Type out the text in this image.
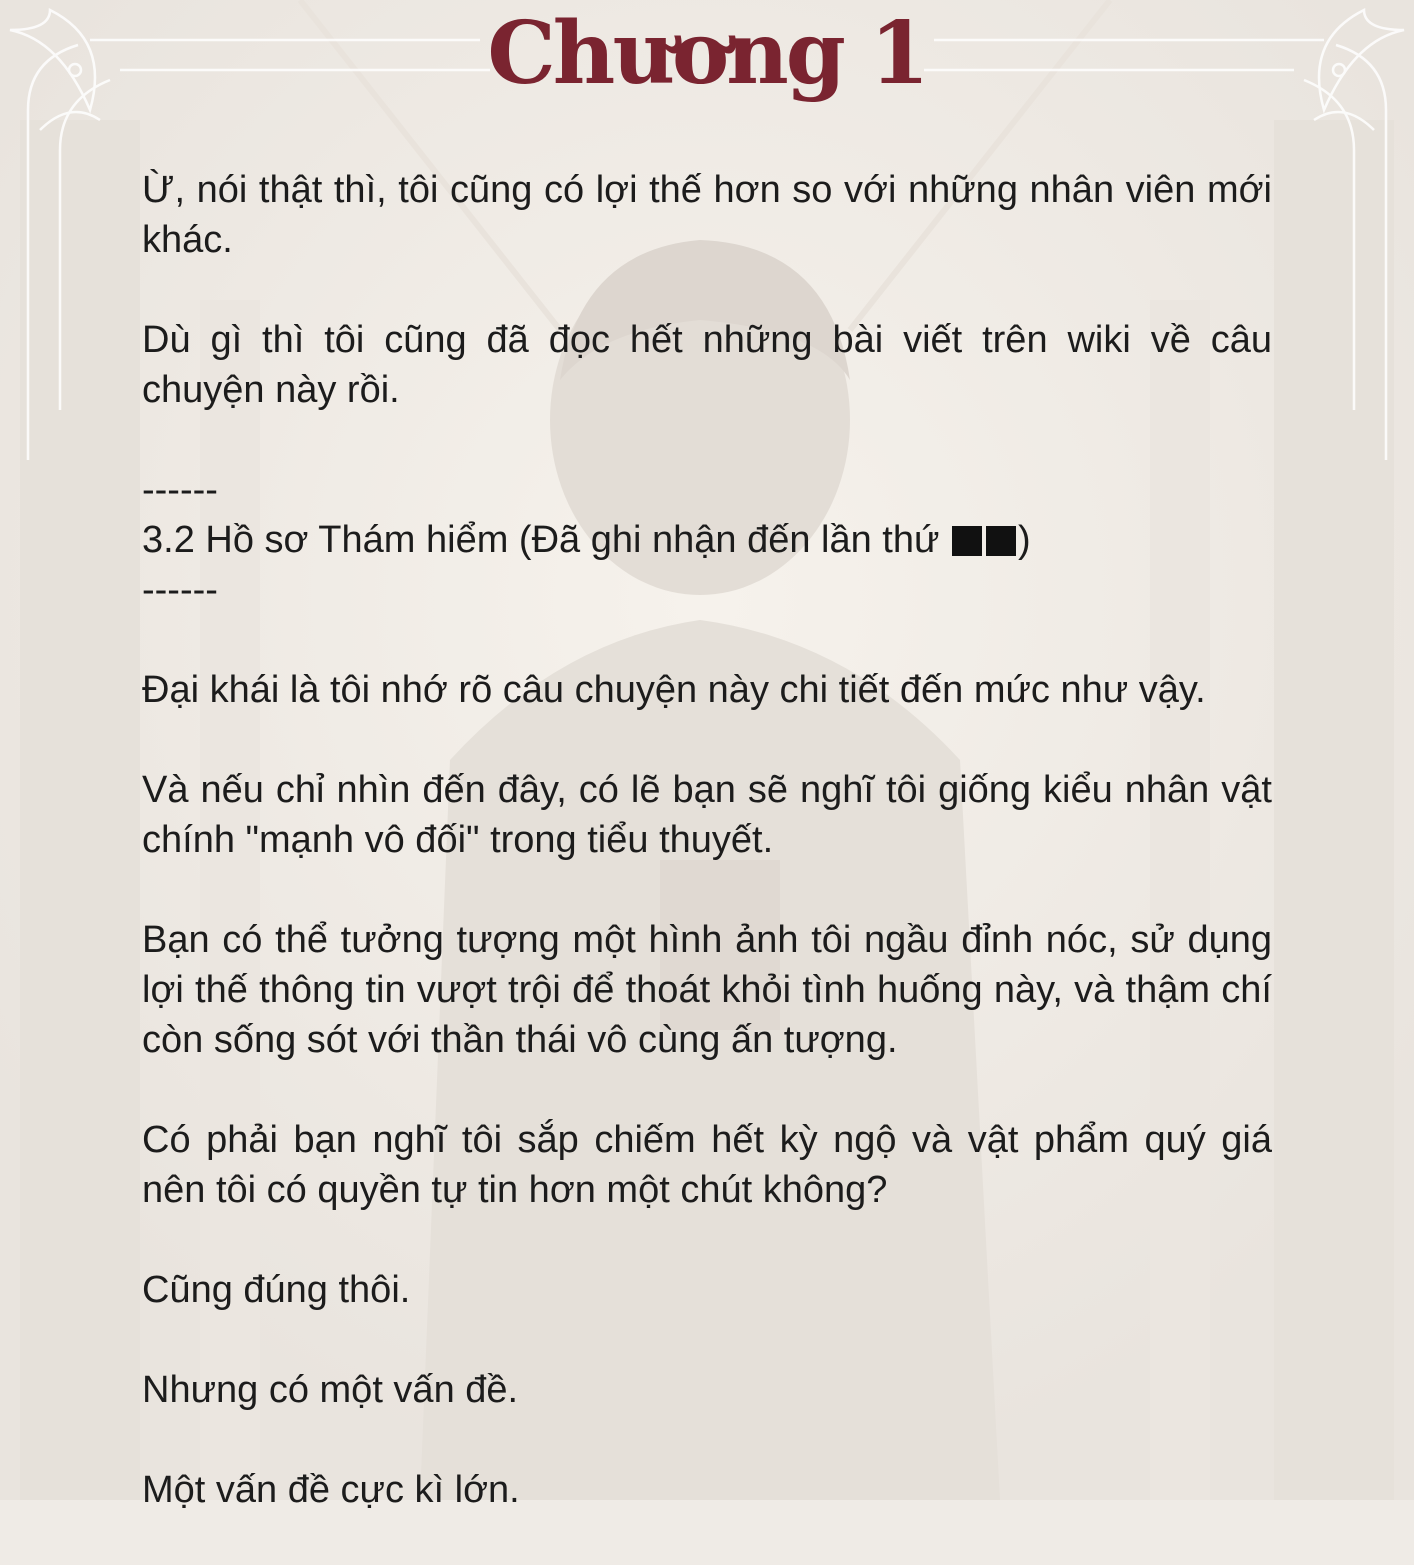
Chương 1

Ừ, nói thật thì, tôi cũng có lợi thế hơn so với những nhân viên mới khác.

Dù gì thì tôi cũng đã đọc hết những bài viết trên wiki về câu chuyện này rồi.

------
3.2 Hồ sơ Thám hiểm (Đã ghi nhận đến lần thứ )
------

Đại khái là tôi nhớ rõ câu chuyện này chi tiết đến mức như vậy.

Và nếu chỉ nhìn đến đây, có lẽ bạn sẽ nghĩ tôi giống kiểu nhân vật chính "mạnh vô đối" trong tiểu thuyết.

Bạn có thể tưởng tượng một hình ảnh tôi ngầu đỉnh nóc, sử dụng lợi thế thông tin vượt trội để thoát khỏi tình huống này, và thậm chí còn sống sót với thần thái vô cùng ấn tượng.

Có phải bạn nghĩ tôi sắp chiếm hết kỳ ngộ và vật phẩm quý giá nên tôi có quyền tự tin hơn một chút không?

Cũng đúng thôi.

Nhưng có một vấn đề.

Một vấn đề cực kì lớn.
